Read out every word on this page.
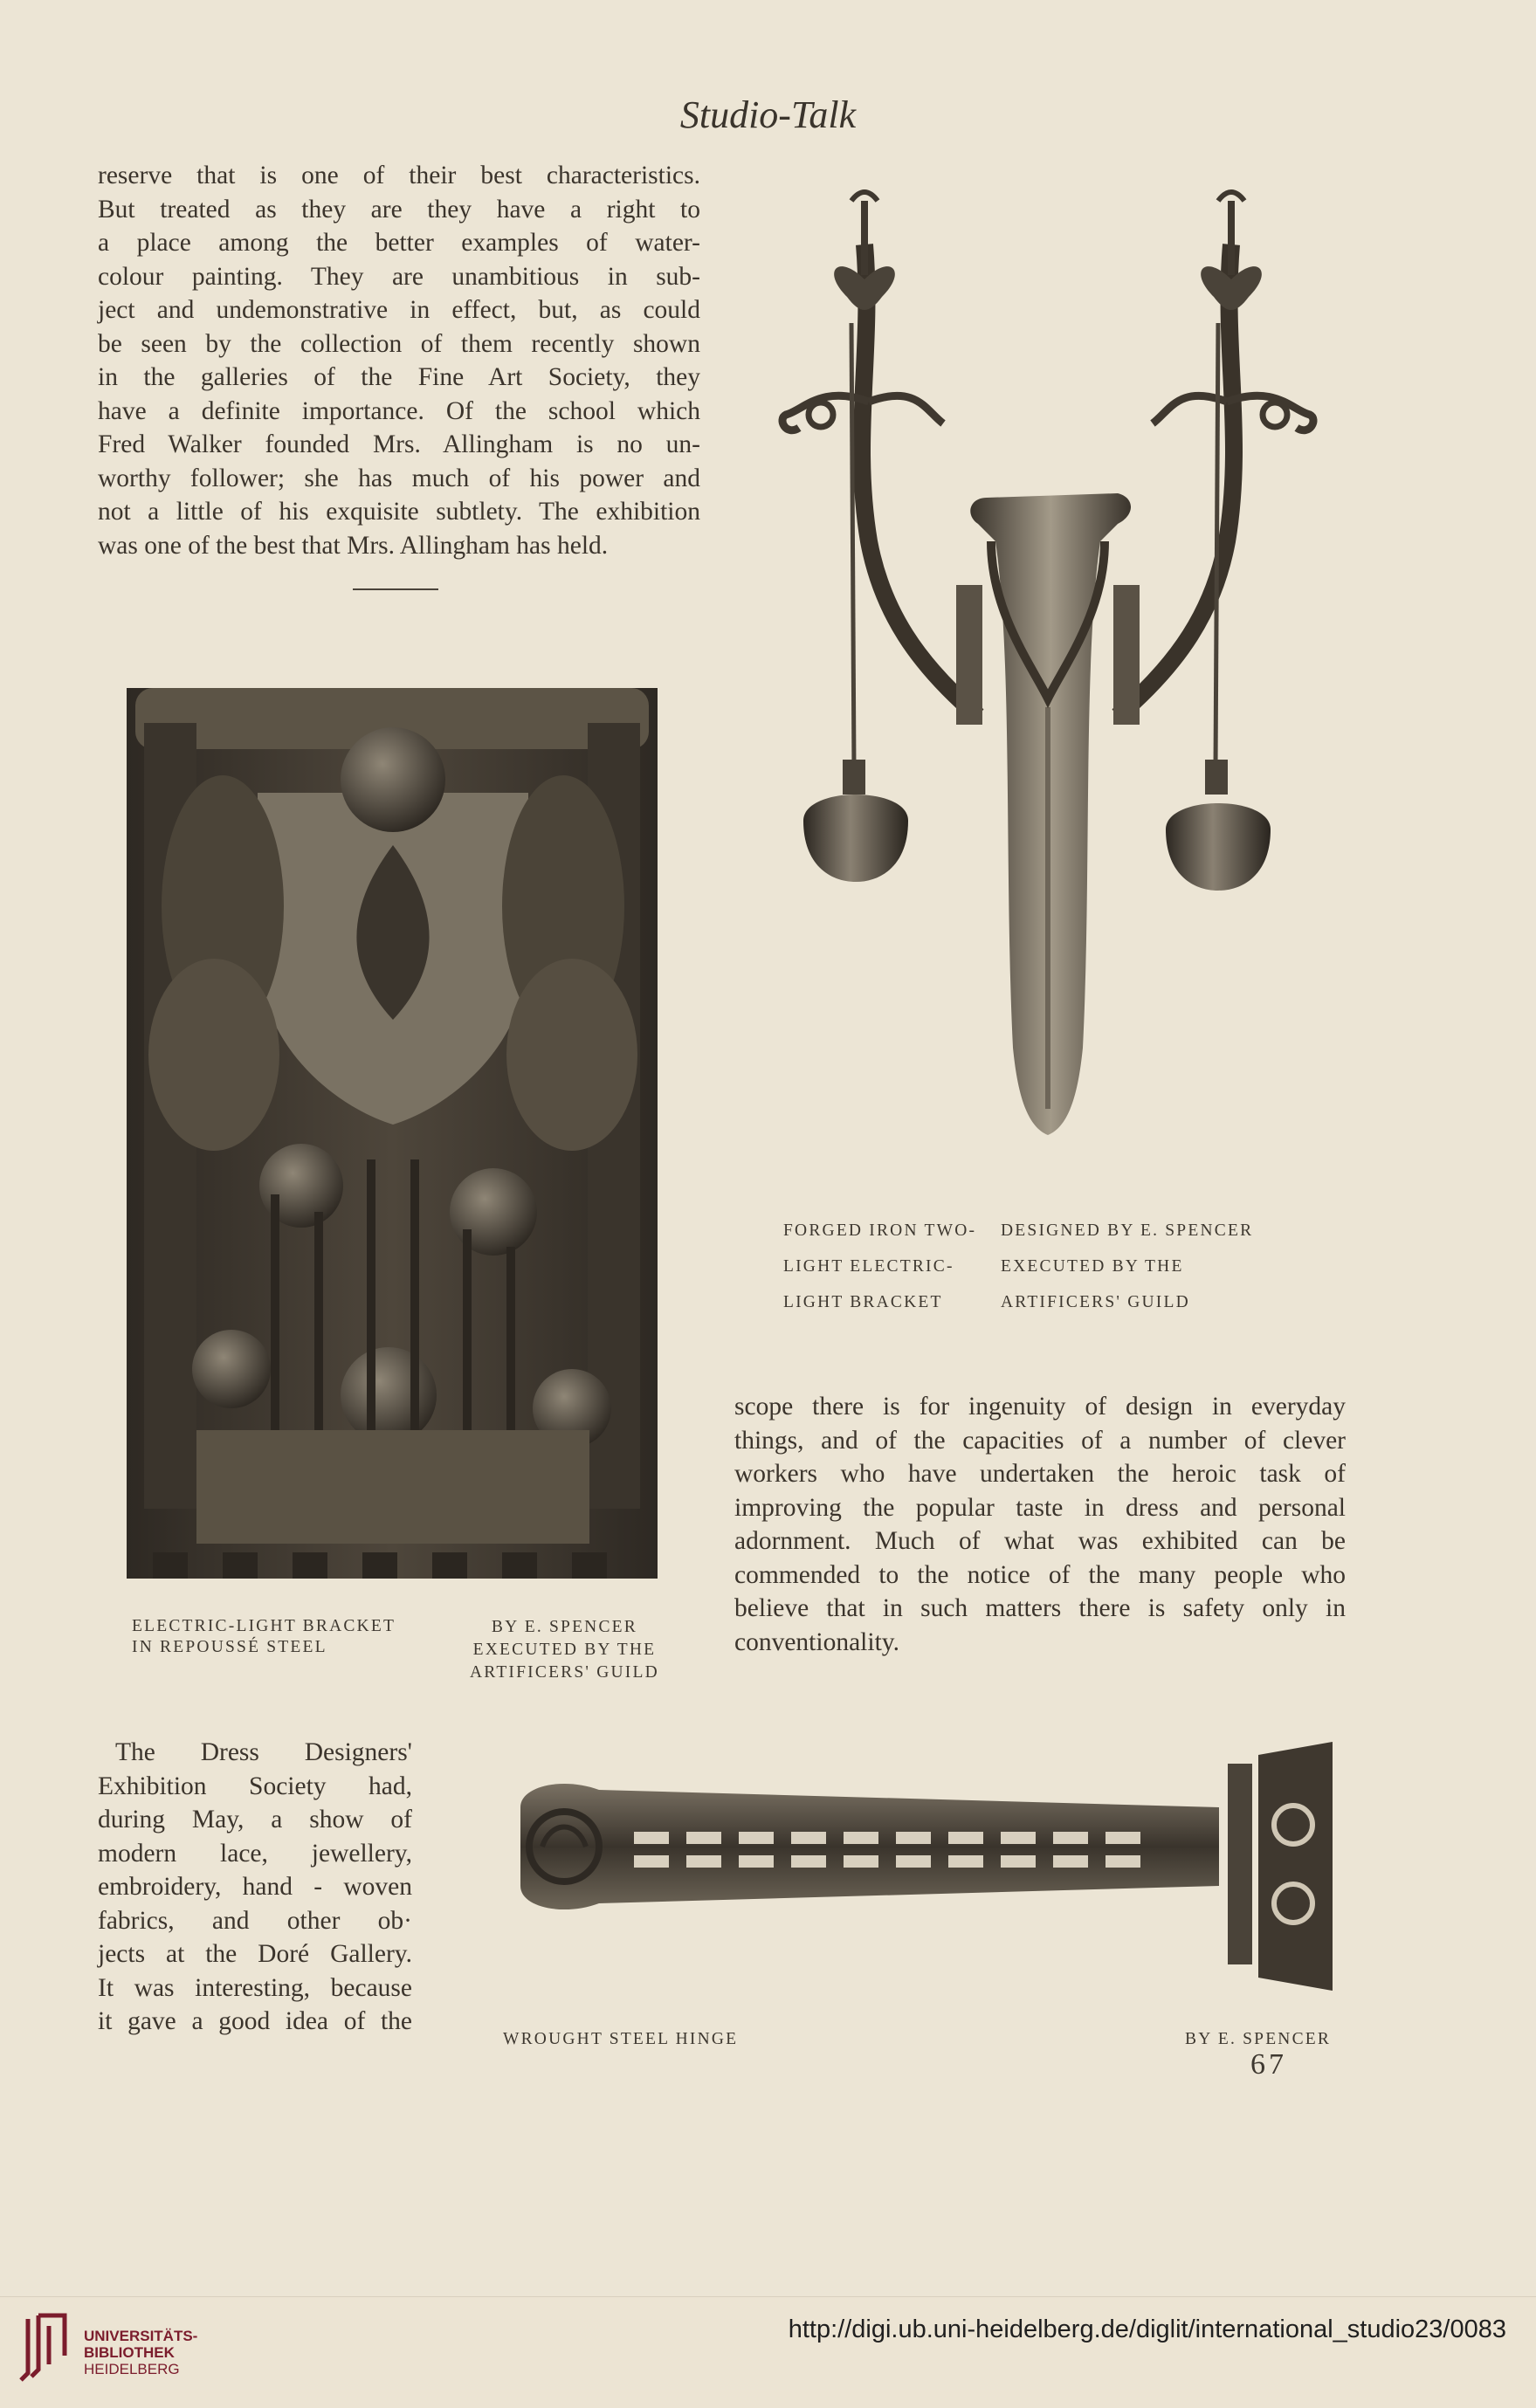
Studio-Talk
reserve that is one of their best characteristics.
But treated as they are they have a right to
a place among the better examples of water-
colour painting. They are unambitious in sub-
ject and undemonstrative in effect, but, as could
be seen by the collection of them recently shown
in the galleries of the Fine Art Society, they
have a definite importance. Of the school which
Fred Walker founded Mrs. Allingham is no un-
worthy follower; she has much of his power and
not a little of his exquisite subtlety. The exhibition
was one of the best that Mrs. Allingham has held.
FORGED IRON TWO-
LIGHT ELECTRIC-
LIGHT BRACKET
DESIGNED BY E. SPENCER
EXECUTED BY THE
ARTIFICERS' GUILD
ELECTRIC-LIGHT BRACKET
IN REPOUSSÉ STEEL
BY E. SPENCER
EXECUTED BY THE
ARTIFICERS' GUILD
scope there is for ingenuity of design in everyday
things, and of the capacities of a number of clever
workers who have undertaken the heroic task of
improving the popular taste in dress and personal
adornment. Much of what was exhibited can be
commended to the notice of the many people who
believe that in such matters there is safety only in
conventionality.
The Dress Designers'
Exhibition Society had,
during May, a show of
modern lace, jewellery,
embroidery, hand - woven
fabrics, and other ob·
jects at the Doré Gallery.
It was interesting, because
it gave a good idea of the
WROUGHT STEEL HINGE	BY E. SPENCER
67
UNIVERSITÄTS-
BIBLIOTHEK
HEIDELBERG
http://digi.ub.uni-heidelberg.de/diglit/international_studio23/0083
